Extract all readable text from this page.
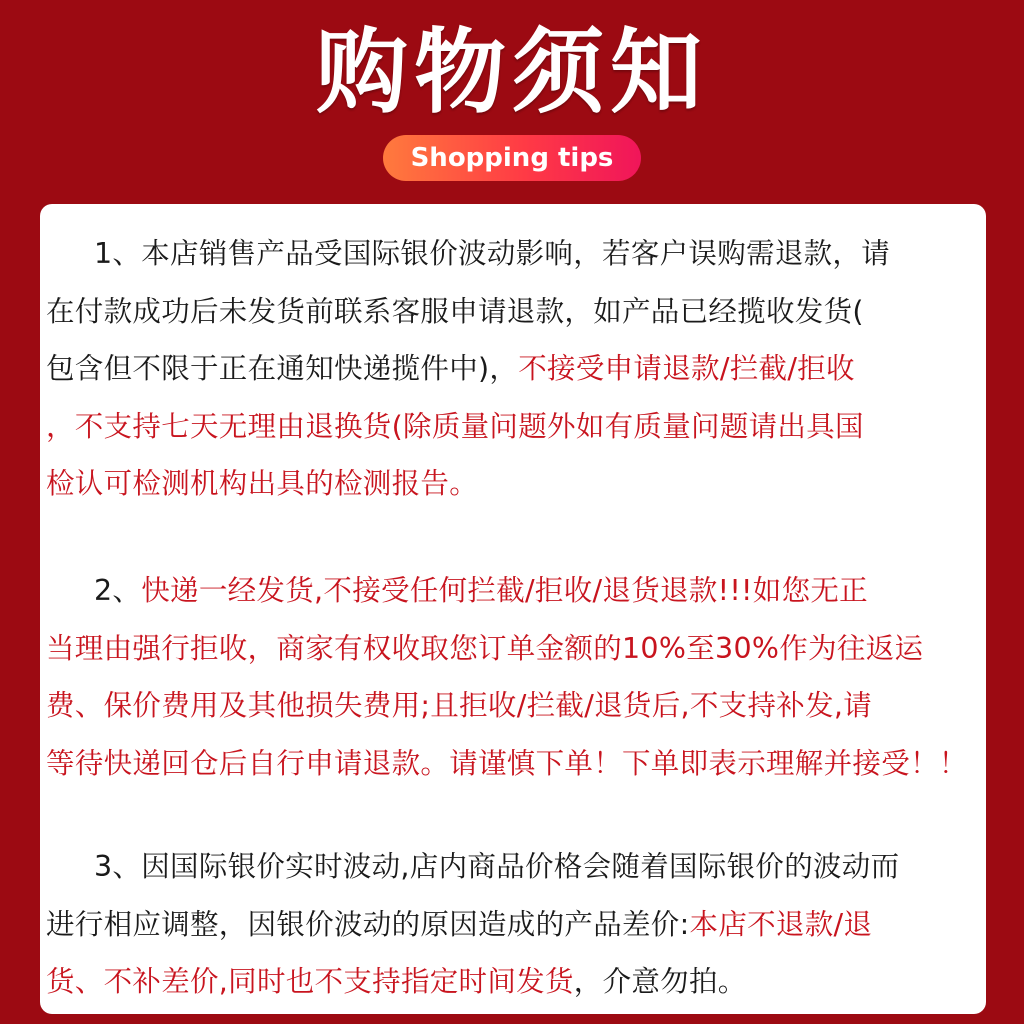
购物须知
Shopping tips
1、本店销售产品受国际银价波动影响，若客户误购需退款，请
在付款成功后未发货前联系客服申请退款，如产品已经揽收发货(
包含但不限于正在通知快递揽件中)，不接受申请退款/拦截/拒收
，不支持七天无理由退换货(除质量问题外如有质量问题请出具国
检认可检测机构出具的检测报告。
2、快递一经发货,不接受任何拦截/拒收/退货退款!!!如您无正
当理由强行拒收，商家有权收取您订单金额的10%至30%作为往返运
费、保价费用及其他损失费用;且拒收/拦截/退货后,不支持补发,请
等待快递回仓后自行申请退款。请谨慎下单！下单即表示理解并接受！！
3、因国际银价实时波动,店内商品价格会随着国际银价的波动而
进行相应调整，因银价波动的原因造成的产品差价:本店不退款/退
货、不补差价,同时也不支持指定时间发货，介意勿拍。
